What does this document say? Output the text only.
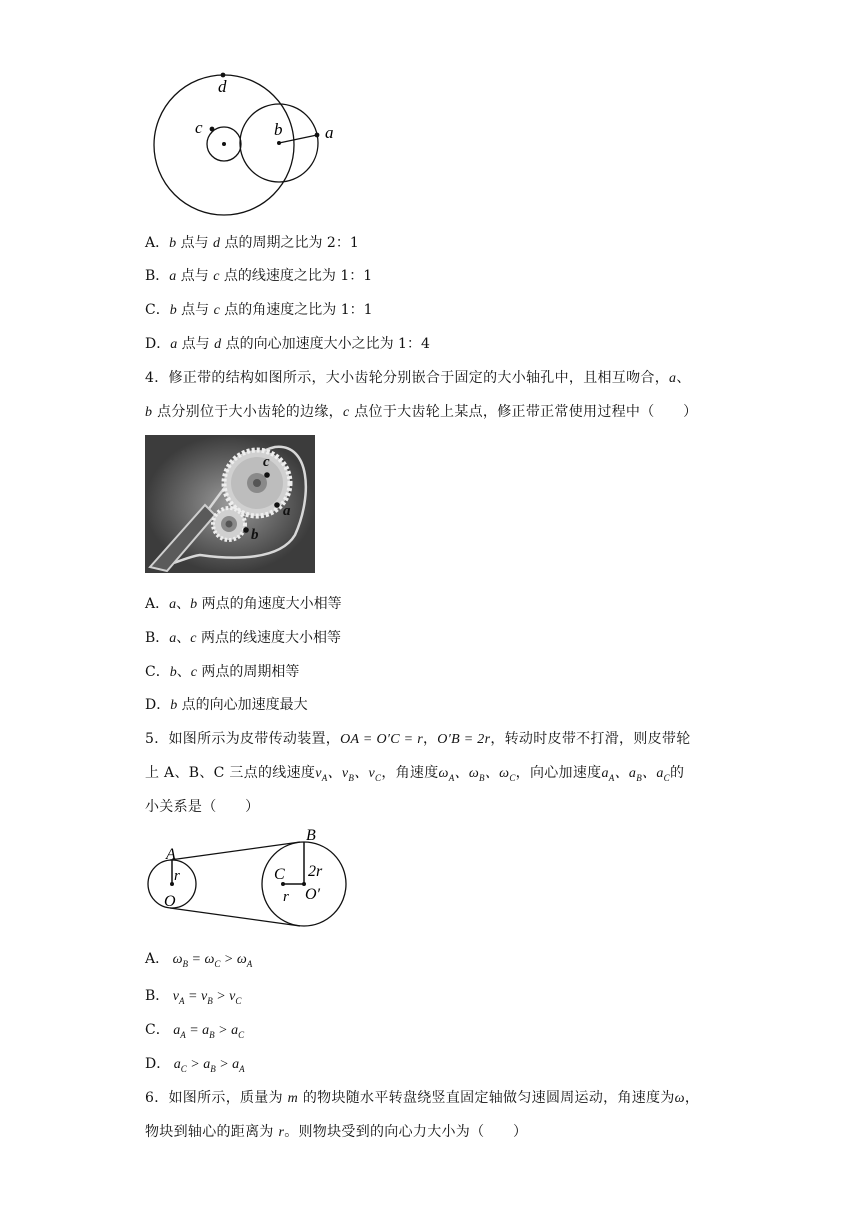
d
c	b	a
A．b 点与 d 点的周期之比为 2：1
B．a 点与 c 点的线速度之比为 1：1
C．b 点与 c 点的角速度之比为 1：1
D．a 点与 d 点的向心加速度大小之比为 1：4
4．修正带的结构如图所示，大小齿轮分别嵌合于固定的大小轴孔中，且相互吻合，a、
b 点分别位于大小齿轮的边缘，c 点位于大齿轮上某点，修正带正常使用过程中（　　）
c
a
b
A．a、b 两点的角速度大小相等
B．a、c 两点的线速度大小相等
C．b、c 两点的周期相等
D．b 点的向心加速度最大
5．如图所示为皮带传动装置，OA = O′C = r，O′B = 2r，转动时皮带不打滑，则皮带轮
上 A、B、C 三点的线速度$v_A$、$v_B$、$v_C$，角速度$\omega_A$、$\omega_B$、$\omega_C$，向心加速度$a_A$、$a_B$、$a_C$的
小关系是（　　）
A
r
O
B
C 2r
r O′
A． $\omega_B = \omega_C > \omega_A$
B． $v_A = v_B > v_C$
C． $a_A = a_B > a_C$
D． $a_C > a_B > a_A$
6．如图所示，质量为 m 的物块随水平转盘绕竖直固定轴做匀速圆周运动，角速度为ω，
物块到轴心的距离为 r。则物块受到的向心力大小为（　　）
